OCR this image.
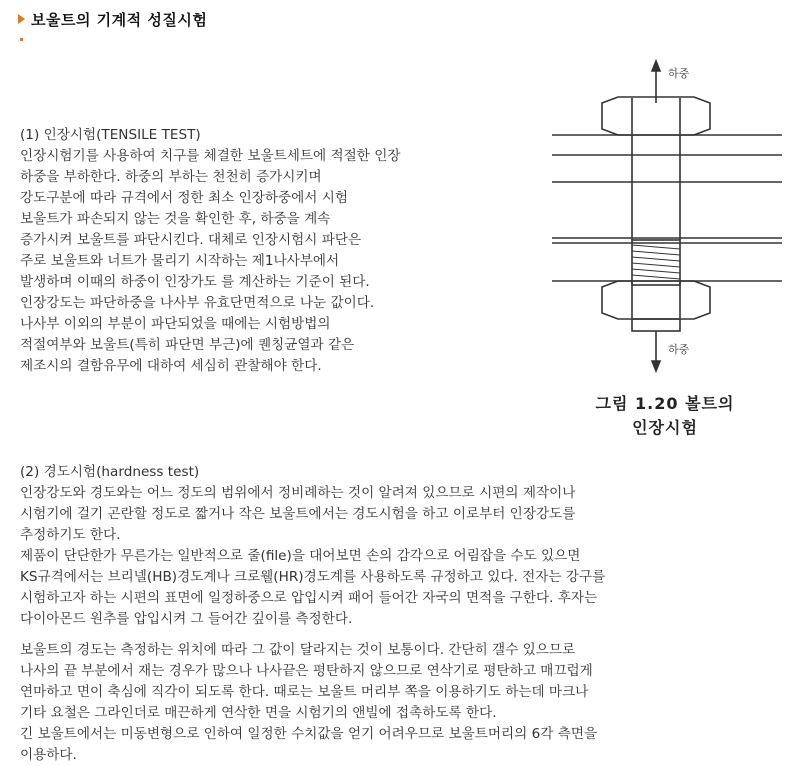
보울트의 기계적 성질시험
(1) 인장시험(TENSILE TEST)
인장시험기를 사용하여 치구를 체결한 보울트세트에 적절한 인장
하중을 부하한다. 하중의 부하는 천천히 증가시키며
강도구분에 따라 규격에서 정한 최소 인장하중에서 시험
보울트가 파손되지 않는 것을 확인한 후, 하중을 계속
증가시켜 보울트를 파단시킨다. 대체로 인장시험시 파단은
주로 보울트와 너트가 물리기 시작하는 제1나사부에서
발생하며 이때의 하중이 인장가도 를 계산하는 기준이 된다.
인장강도는 파단하중을 나사부 유효단면적으로 나눈 값이다.
나사부 이외의 부분이 파단되었을 때에는 시험방법의
적절여부와 보울트(특히 파단면 부근)에 퀜칭균열과 같은
제조시의 결함유무에 대하여 세심히 관찰해야 한다.
(2) 경도시험(hardness test)
인장강도와 경도와는 어느 정도의 범위에서 정비례하는 것이 알려져 있으므로 시편의 제작이나
시험기에 걸기 곤란할 정도로 짧거나 작은 보울트에서는 경도시험을 하고 이로부터 인장강도를
추정하기도 한다.
제품이 단단한가 무른가는 일반적으로 줄(file)을 대어보면 손의 감각으로 어림잡을 수도 있으면
KS규격에서는 브리넬(HB)경도계나 크로웰(HR)경도계를 사용하도록 규정하고 있다. 전자는 강구를
시험하고자 하는 시편의 표면에 일정하중으로 압입시켜 패어 들어간 자국의 면적을 구한다. 후자는
다이아몬드 원추를 압입시켜 그 들어간 깊이를 측정한다.
보울트의 경도는 측정하는 위치에 따라 그 값이 달라지는 것이 보통이다. 간단히 갤수 있으므로
나사의 끝 부분에서 재는 경우가 많으나 나사끝은 평탄하지 않으므로 연삭기로 평탄하고 매끄럽게
연마하고 면이 축심에 직각이 되도록 한다. 때로는 보울트 머리부 쪽을 이용하기도 하는데 마크나
기타 요철은 그라인더로 매끈하게 연삭한 면을 시험기의 앤빌에 접촉하도록 한다.
긴 보울트에서는 미동변형으로 인하여 일정한 수치값을 얻기 어려우므로 보울트머리의 6각 측면을
이용하다.
하중
하중
그림 1.20 볼트의
인장시험
